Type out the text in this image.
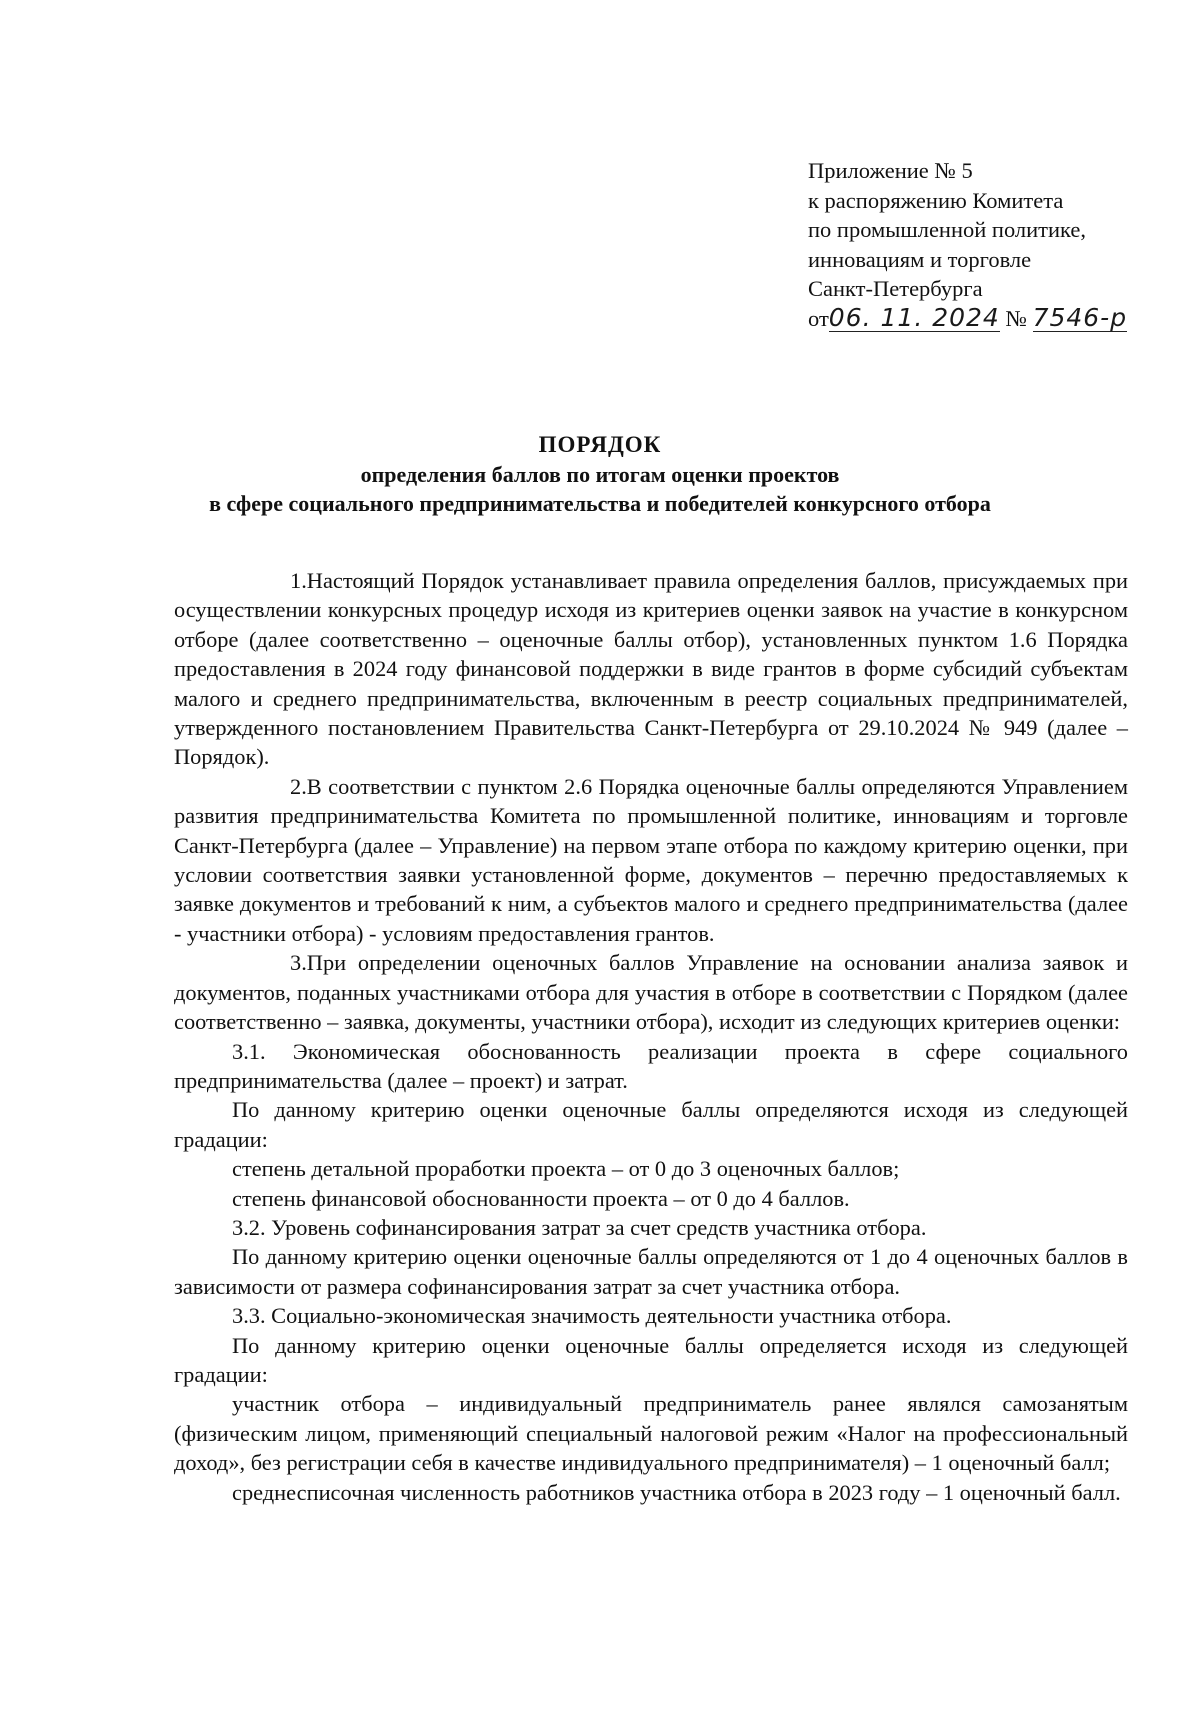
Приложение № 5
к распоряжению Комитета
по промышленной политике,
инновациям и торговле
Санкт-Петербурга
от06. 11. 2024 № 7546-р
ПОРЯДОК
определения баллов по итогам оценки проектов
в сфере социального предпринимательства и победителей конкурсного отбора

1.Настоящий Порядок устанавливает правила определения баллов, присуждаемых при осуществлении конкурсных процедур исходя из критериев оценки заявок на участие в конкурсном отборе (далее соответственно – оценочные баллы отбор), установленных пунктом 1.6 Порядка предоставления в 2024 году финансовой поддержки в виде грантов в форме субсидий субъектам малого и среднего предпринимательства, включенным в реестр социальных предпринимателей, утвержденного постановлением Правительства Санкт-Петербурга от 29.10.2024 № 949 (далее – Порядок).

2.В соответствии с пунктом 2.6 Порядка оценочные баллы определяются Управлением развития предпринимательства Комитета по промышленной политике, инновациям и торговле Санкт-Петербурга (далее – Управление) на первом этапе отбора по каждому критерию оценки, при условии соответствия заявки установленной форме, документов – перечню предоставляемых к заявке документов и требований к ним, а субъектов малого и среднего предпринимательства (далее - участники отбора) - условиям предоставления грантов.

3.При определении оценочных баллов Управление на основании анализа заявок и документов, поданных участниками отбора для участия в отборе в соответствии с Порядком (далее соответственно – заявка, документы, участники отбора), исходит из следующих критериев оценки:

3.1. Экономическая обоснованность реализации проекта в сфере социального предпринимательства (далее – проект) и затрат.

По данному критерию оценки оценочные баллы определяются исходя из следующей градации:

степень детальной проработки проекта – от 0 до 3 оценочных баллов;

степень финансовой обоснованности проекта – от 0 до 4 баллов.

3.2. Уровень софинансирования затрат за счет средств участника отбора.

По данному критерию оценки оценочные баллы определяются от 1 до 4 оценочных баллов в зависимости от размера софинансирования затрат за счет участника отбора.

3.3. Социально-экономическая значимость деятельности участника отбора.

По данному критерию оценки оценочные баллы определяется исходя из следующей градации:

участник отбора – индивидуальный предприниматель ранее являлся самозанятым (физическим лицом, применяющий специальный налоговой режим «Налог на профессиональный доход», без регистрации себя в качестве индивидуального предпринимателя) – 1 оценочный балл;

среднесписочная численность работников участника отбора в 2023 году – 1 оценочный балл.
